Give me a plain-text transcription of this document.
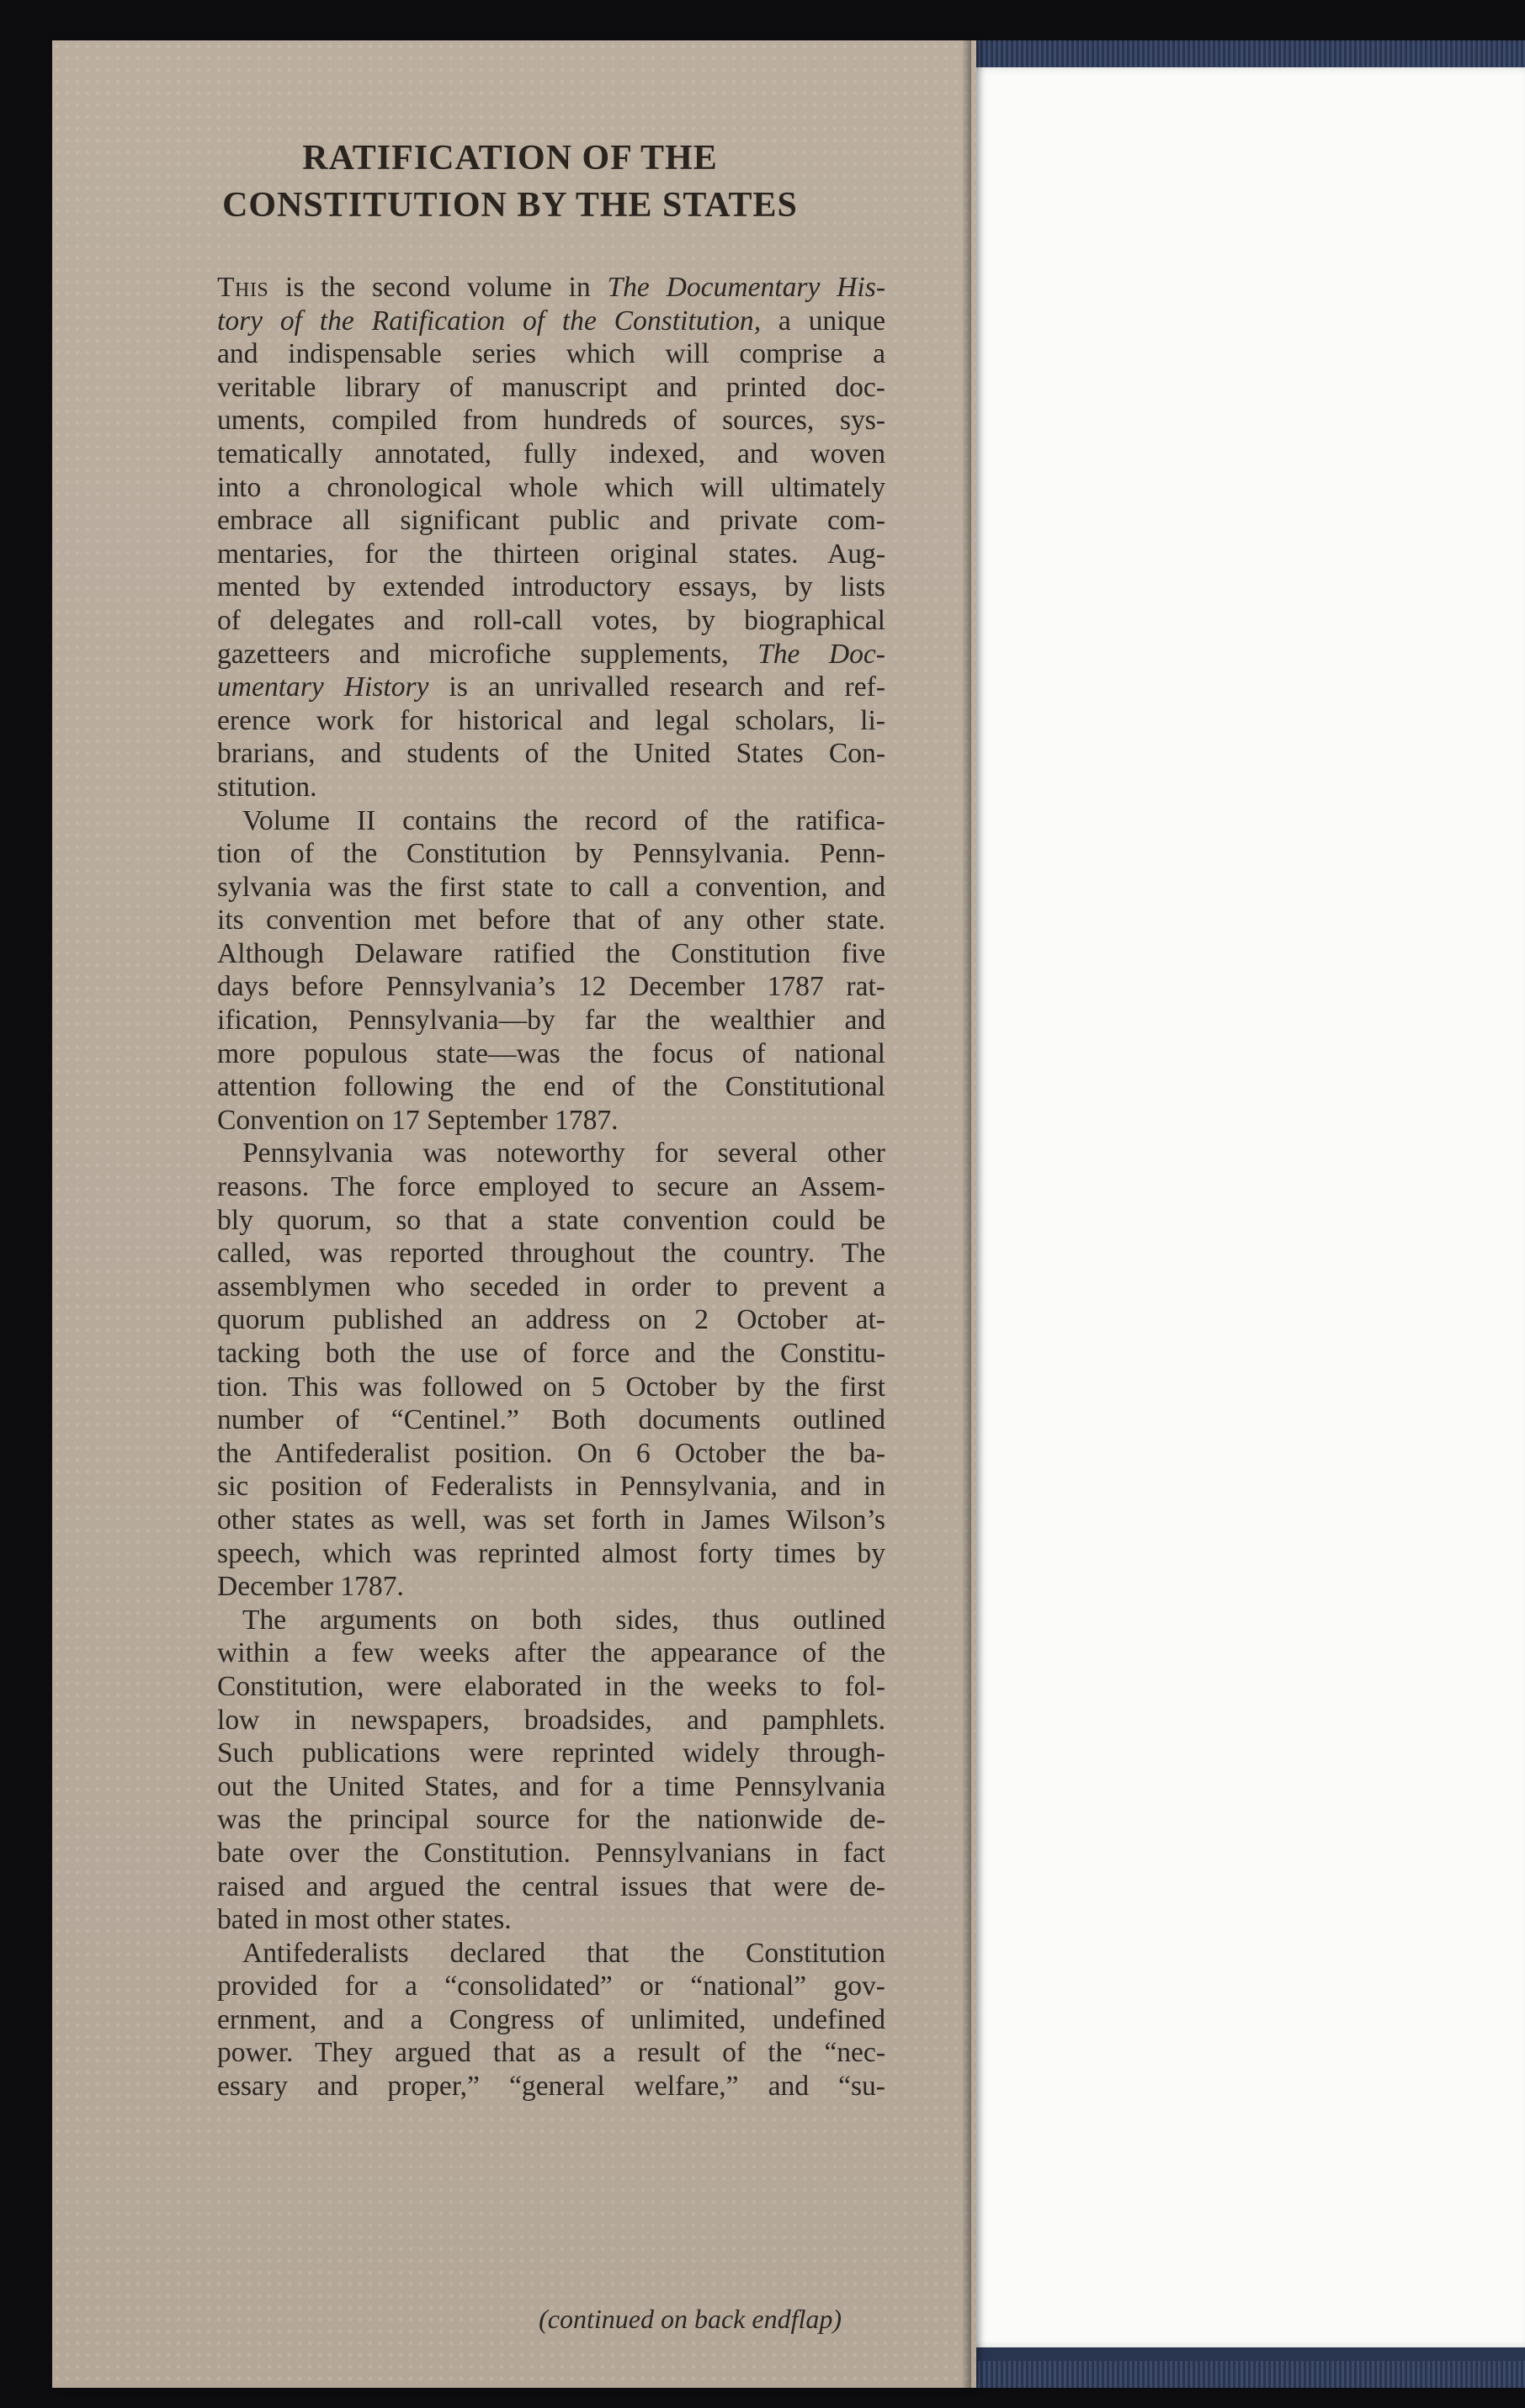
RATIFICATION OF THE
CONSTITUTION BY THE STATES
This is the second volume in The Documentary His-
tory of the Ratification of the Constitution, a unique
and indispensable series which will comprise a
veritable library of manuscript and printed doc-
uments, compiled from hundreds of sources, sys-
tematically annotated, fully indexed, and woven
into a chronological whole which will ultimately
embrace all significant public and private com-
mentaries, for the thirteen original states. Aug-
mented by extended introductory essays, by lists
of delegates and roll-call votes, by biographical
gazetteers and microfiche supplements, The Doc-
umentary History is an unrivalled research and ref-
erence work for historical and legal scholars, li-
brarians, and students of the United States Con-
stitution.
Volume II contains the record of the ratifica-
tion of the Constitution by Pennsylvania. Penn-
sylvania was the first state to call a convention, and
its convention met before that of any other state.
Although Delaware ratified the Constitution five
days before Pennsylvania’s 12 December 1787 rat-
ification, Pennsylvania—by far the wealthier and
more populous state—was the focus of national
attention following the end of the Constitutional
Convention on 17 September 1787.
Pennsylvania was noteworthy for several other
reasons. The force employed to secure an Assem-
bly quorum, so that a state convention could be
called, was reported throughout the country. The
assemblymen who seceded in order to prevent a
quorum published an address on 2 October at-
tacking both the use of force and the Constitu-
tion. This was followed on 5 October by the first
number of “Centinel.” Both documents outlined
the Antifederalist position. On 6 October the ba-
sic position of Federalists in Pennsylvania, and in
other states as well, was set forth in James Wilson’s
speech, which was reprinted almost forty times by
December 1787.
The arguments on both sides, thus outlined
within a few weeks after the appearance of the
Constitution, were elaborated in the weeks to fol-
low in newspapers, broadsides, and pamphlets.
Such publications were reprinted widely through-
out the United States, and for a time Pennsylvania
was the principal source for the nationwide de-
bate over the Constitution. Pennsylvanians in fact
raised and argued the central issues that were de-
bated in most other states.
Antifederalists declared that the Constitution
provided for a “consolidated” or “national” gov-
ernment, and a Congress of unlimited, undefined
power. They argued that as a result of the “nec-
essary and proper,” “general welfare,” and “su-
(continued on back endflap)
